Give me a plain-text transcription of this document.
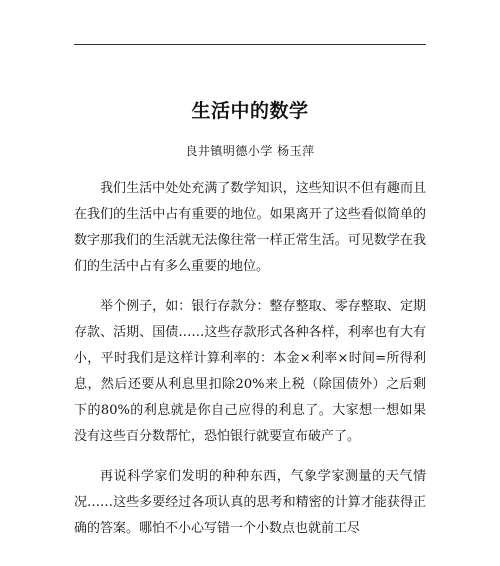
生活中的数学
良井镇明德小学 杨玉萍

我们生活中处处充满了数学知识，这些知识不但有趣而且在我们的生活中占有重要的地位。如果离开了这些看似简单的数字那我们的生活就无法像往常一样正常生活。可见数学在我们的生活中占有多么重要的地位。

举个例子，如：银行存款分：整存整取、零存整取、定期存款、活期、国债……这些存款形式各种各样，利率也有大有小，平时我们是这样计算利率的：本金×利率×时间=所得利息，然后还要从利息里扣除20%来上税（除国债外）之后剩下的80%的利息就是你自己应得的利息了。大家想一想如果没有这些百分数帮忙，恐怕银行就要宣布破产了。

再说科学家们发明的种种东西，气象学家测量的天气情况……这些多要经过各项认真的思考和精密的计算才能获得正确的答案。哪怕不小心写错一个小数点也就前工尽
